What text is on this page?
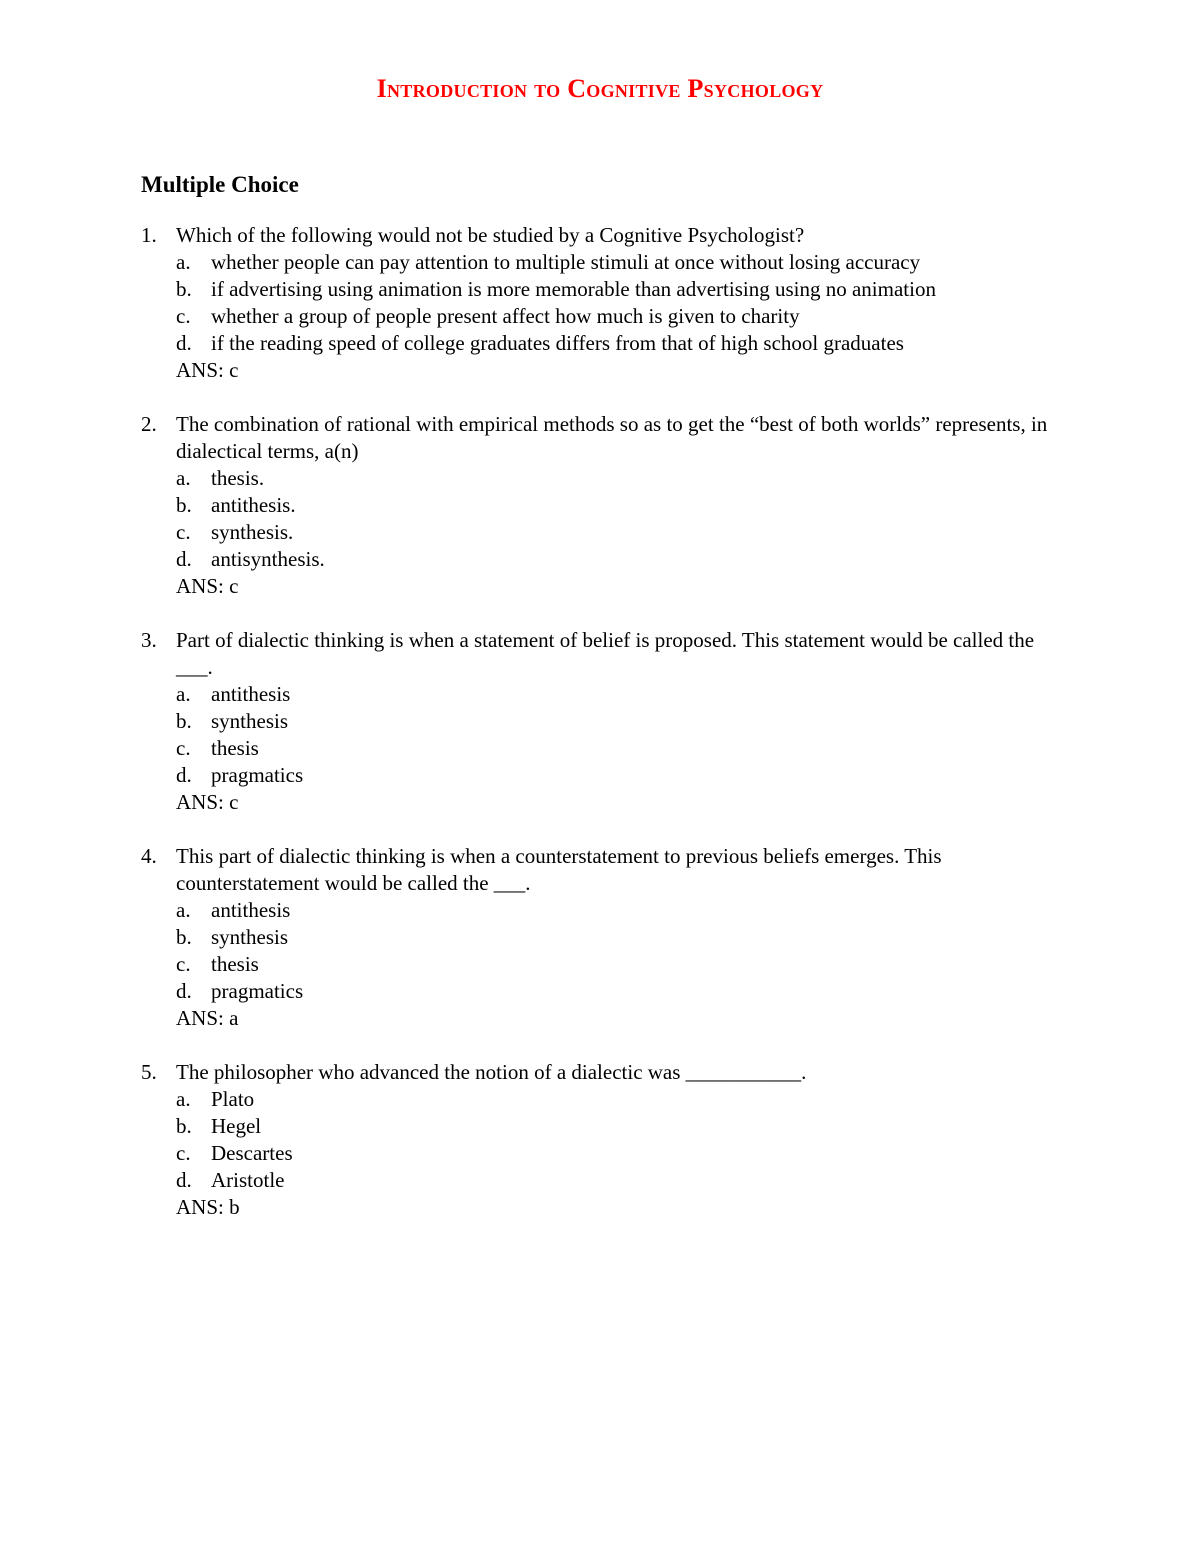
Introduction to Cognitive Psychology
Multiple Choice
1. Which of the following would not be studied by a Cognitive Psychologist?
a. whether people can pay attention to multiple stimuli at once without losing accuracy
b. if advertising using animation is more memorable than advertising using no animation
c. whether a group of people present affect how much is given to charity
d. if the reading speed of college graduates differs from that of high school graduates
ANS: c
2. The combination of rational with empirical methods so as to get the “best of both worlds” represents, in dialectical terms, a(n)
a. thesis.
b. antithesis.
c. synthesis.
d. antisynthesis.
ANS: c
3. Part of dialectic thinking is when a statement of belief is proposed. This statement would be called the ___.
a. antithesis
b. synthesis
c. thesis
d. pragmatics
ANS: c
4. This part of dialectic thinking is when a counterstatement to previous beliefs emerges. This counterstatement would be called the ___.
a. antithesis
b. synthesis
c. thesis
d. pragmatics
ANS: a
5. The philosopher who advanced the notion of a dialectic was ___________.
a. Plato
b. Hegel
c. Descartes
d. Aristotle
ANS: b
